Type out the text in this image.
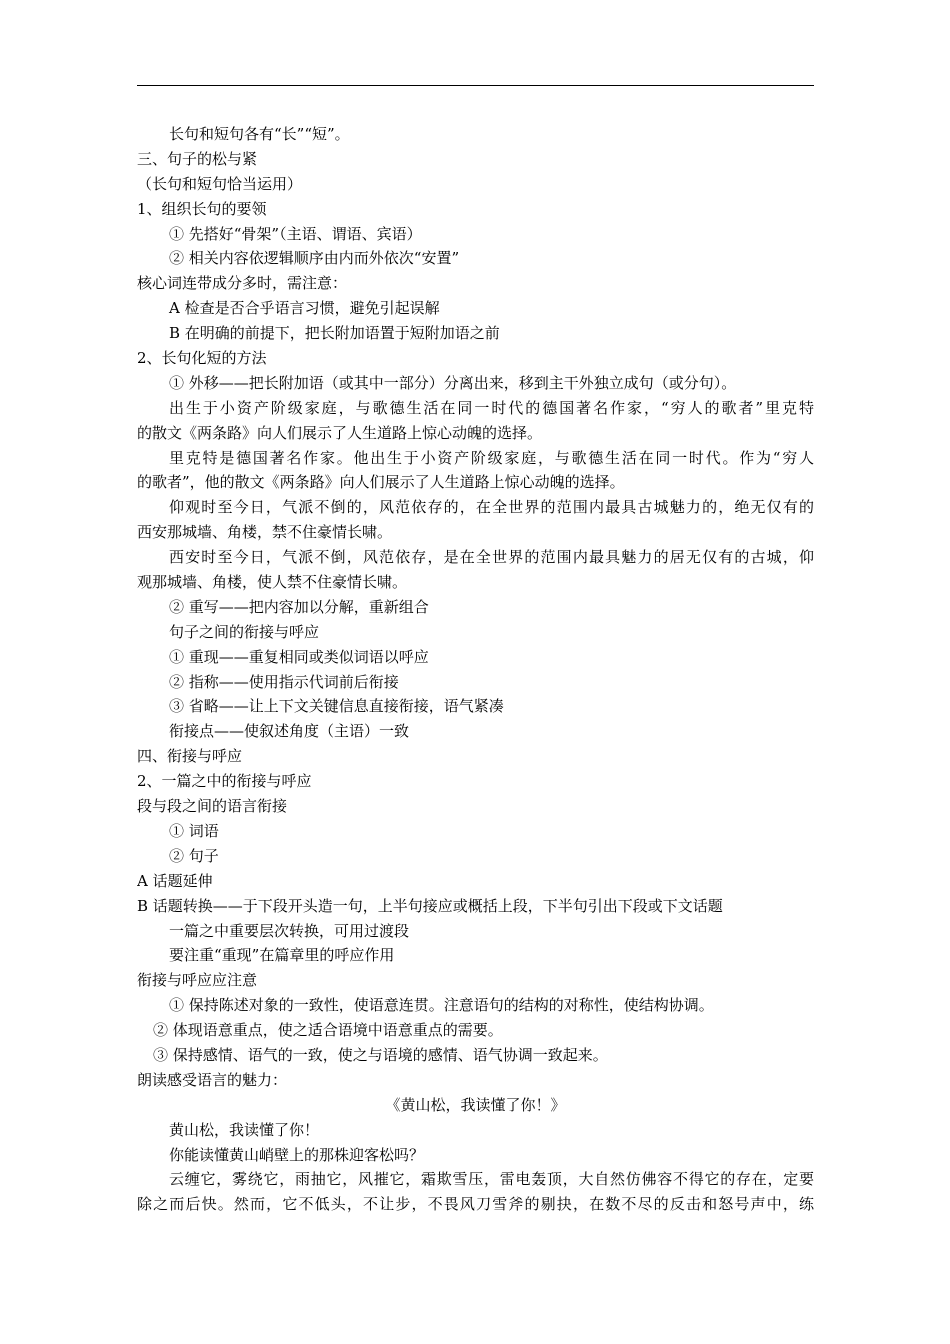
长句和短句各有“长”“短”。
三、句子的松与紧
（长句和短句恰当运用）
1、组织长句的要领
① 先搭好“骨架”（主语、谓语、宾语）
② 相关内容依逻辑顺序由内而外依次“安置”
核心词连带成分多时，需注意：
A 检查是否合乎语言习惯，避免引起误解
B 在明确的前提下，把长附加语置于短附加语之前
2、长句化短的方法
① 外移——把长附加语（或其中一部分）分离出来，移到主干外独立成句（或分句）。
出生于小资产阶级家庭，与歌德生活在同一时代的德国著名作家，“穷人的歌者”里克特
的散文《两条路》向人们展示了人生道路上惊心动魄的选择。
里克特是德国著名作家。他出生于小资产阶级家庭，与歌德生活在同一时代。作为“穷人
的歌者”，他的散文《两条路》向人们展示了人生道路上惊心动魄的选择。
仰观时至今日，气派不倒的，风范依存的，在全世界的范围内最具古城魅力的，绝无仅有的
西安那城墙、角楼，禁不住豪情长啸。
西安时至今日，气派不倒，风范依存，是在全世界的范围内最具魅力的居无仅有的古城，仰
观那城墙、角楼，使人禁不住豪情长啸。
② 重写——把内容加以分解，重新组合
句子之间的衔接与呼应
① 重现——重复相同或类似词语以呼应
② 指称——使用指示代词前后衔接
③ 省略——让上下文关键信息直接衔接，语气紧凑
衔接点——使叙述角度（主语）一致
四、衔接与呼应
2、一篇之中的衔接与呼应
段与段之间的语言衔接
① 词语
② 句子
A 话题延伸
B 话题转换——于下段开头造一句，上半句接应或概括上段，下半句引出下段或下文话题
一篇之中重要层次转换，可用过渡段
要注重“重现”在篇章里的呼应作用
衔接与呼应应注意
① 保持陈述对象的一致性，使语意连贯。注意语句的结构的对称性，使结构协调。
② 体现语意重点，使之适合语境中语意重点的需要。
③ 保持感情、语气的一致，使之与语境的感情、语气协调一致起来。
朗读感受语言的魅力：
《黄山松，我读懂了你！》
黄山松，我读懂了你！
你能读懂黄山峭壁上的那株迎客松吗？
云缠它，雾绕它，雨抽它，风摧它，霜欺雪压，雷电轰顶，大自然仿佛容不得它的存在，定要
除之而后快。然而，它不低头，不让步，不畏风刀雪斧的剔抉，在数不尽的反击和怒号声中，练
